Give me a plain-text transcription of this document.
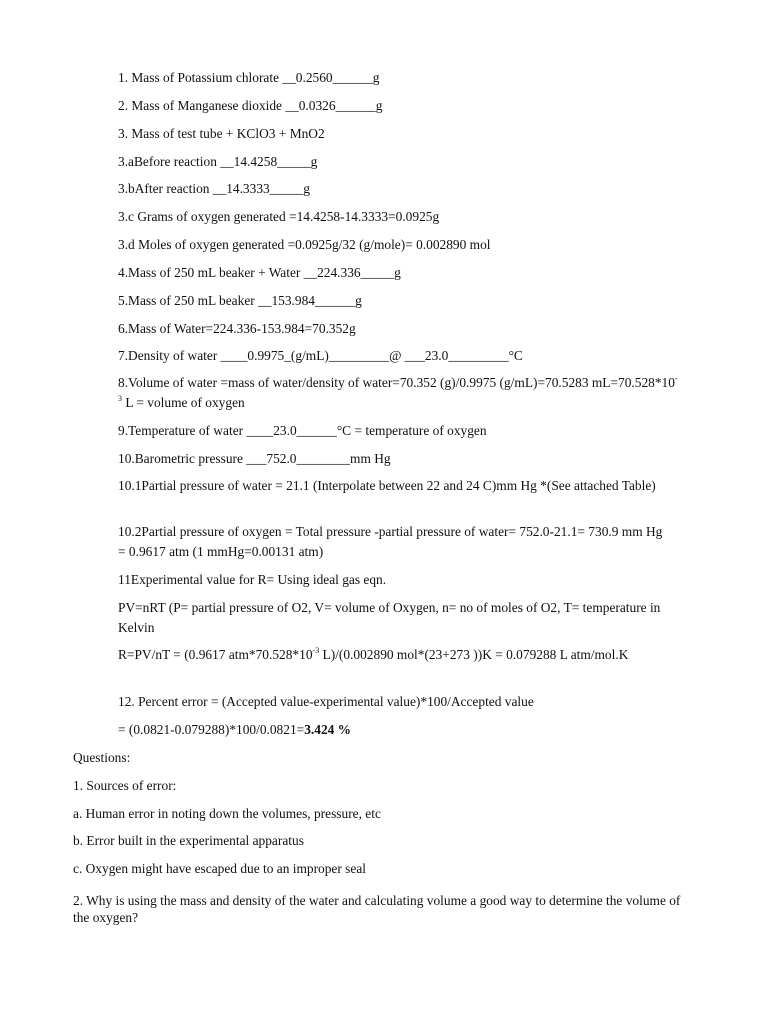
1. Mass of Potassium chlorate __0.2560______g
2. Mass of Manganese dioxide __0.0326______g
3. Mass of test tube + KClO3 + MnO2
3.aBefore reaction __14.4258_____g
3.bAfter reaction __14.3333_____g
3.c Grams of oxygen generated =14.4258-14.3333=0.0925g
3.d Moles of oxygen generated =0.0925g/32 (g/mole)= 0.002890 mol
4.Mass of 250 mL beaker + Water __224.336_____g
5.Mass of 250 mL beaker __153.984______g
6.Mass of Water=224.336-153.984=70.352g
7.Density of water ____0.9975_(g/mL)_________@ ___23.0_________°C
8.Volume of water =mass of water/density of water=70.352 (g)/0.9975 (g/mL)=70.5283 $mL=70.528*10^{-3}$ L = volume of oxygen
9.Temperature of water ____23.0______°C = temperature of oxygen
10.Barometric pressure ___752.0________mm Hg
10.1Partial pressure of water = 21.1 (Interpolate between 22 and 24 C)mm Hg *(See attached Table)
10.2Partial pressure of oxygen = Total pressure -partial pressure of water= 752.0-21.1= 730.9 mm Hg = 0.9617 atm (1 mmHg=0.00131 atm)
11Experimental value for R= Using ideal gas eqn.
PV=nRT (P= partial pressure of O2, V= volume of Oxygen, n= no of moles of O2, T= temperature in Kelvin
R=PV/nT = (0.9617 $atm*70.528*10^{-3}$ L)/(0.002890 mol*(23+273 ))K = 0.079288 L atm/mol.K
12. Percent error = (Accepted value-experimental value)*100/Accepted value
= (0.0821-0.079288)*100/0.0821=3.424 %
Questions:
1. Sources of error:
a. Human error in noting down the volumes, pressure, etc
b. Error built in the experimental apparatus
c. Oxygen might have escaped due to an improper seal
2. Why is using the mass and density of the water and calculating volume a good way to determine the volume of the oxygen?
